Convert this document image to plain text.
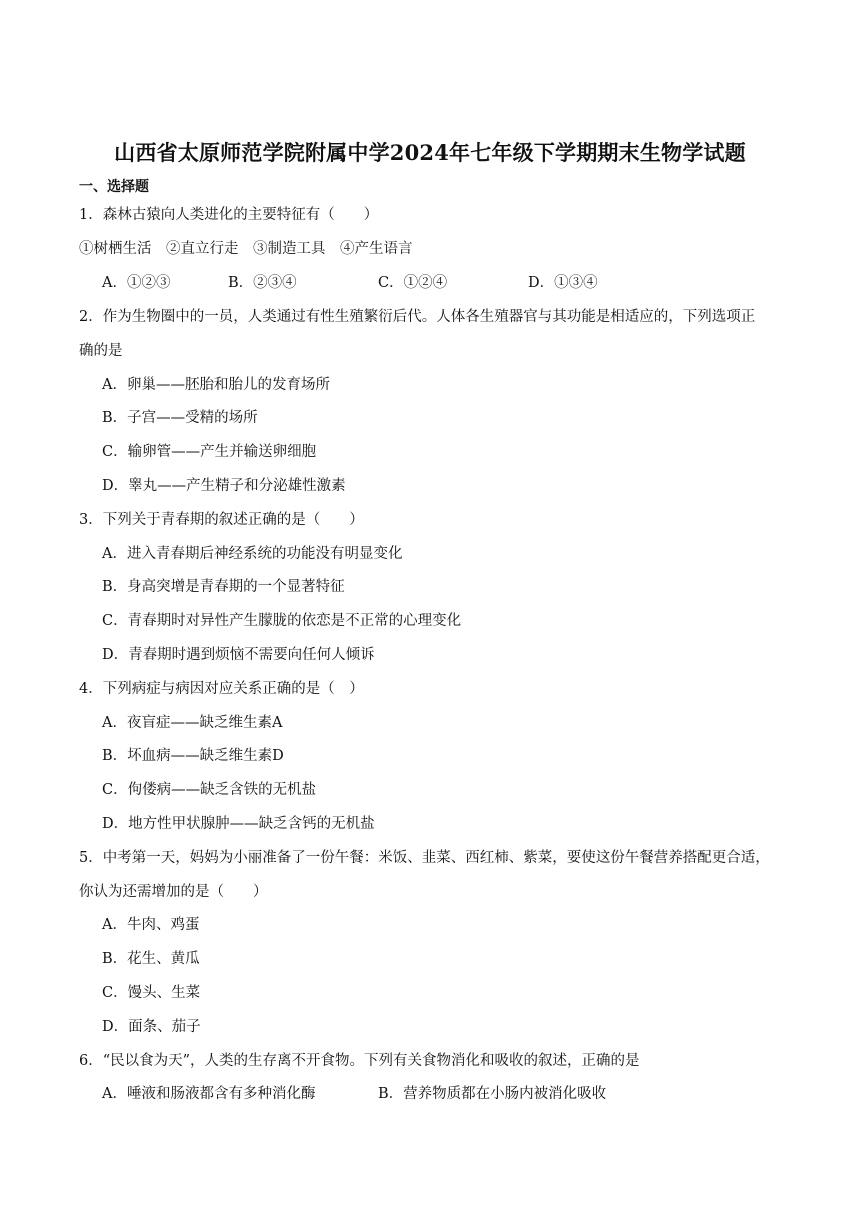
山西省太原师范学院附属中学2024年七年级下学期期末生物学试题
一、选择题
1．森林古猿向人类进化的主要特征有（　　）
①树栖生活　②直立行走　③制造工具　④产生语言
A．①②③	B．②③④	C．①②④	D．①③④
2．作为生物圈中的一员，人类通过有性生殖繁衍后代。人体各生殖器官与其功能是相适应的，下列选项正
确的是
A．卵巢——胚胎和胎儿的发育场所
B．子宫——受精的场所
C．输卵管——产生并输送卵细胞
D．睾丸——产生精子和分泌雄性激素
3．下列关于青春期的叙述正确的是（　　）
A．进入青春期后神经系统的功能没有明显变化
B．身高突增是青春期的一个显著特征
C．青春期时对异性产生朦胧的依恋是不正常的心理变化
D．青春期时遇到烦恼不需要向任何人倾诉
4．下列病症与病因对应关系正确的是（　）
A．夜盲症——缺乏维生素A
B．坏血病——缺乏维生素D
C．佝偻病——缺乏含铁的无机盐
D．地方性甲状腺肿——缺乏含钙的无机盐
5．中考第一天，妈妈为小丽准备了一份午餐：米饭、韭菜、西红柿、紫菜，要使这份午餐营养搭配更合适，
你认为还需增加的是（　　）
A．牛肉、鸡蛋
B．花生、黄瓜
C．馒头、生菜
D．面条、茄子
6．“民以食为天”，人类的生存离不开食物。下列有关食物消化和吸收的叙述，正确的是
A．唾液和肠液都含有多种消化酶	B．营养物质都在小肠内被消化吸收
